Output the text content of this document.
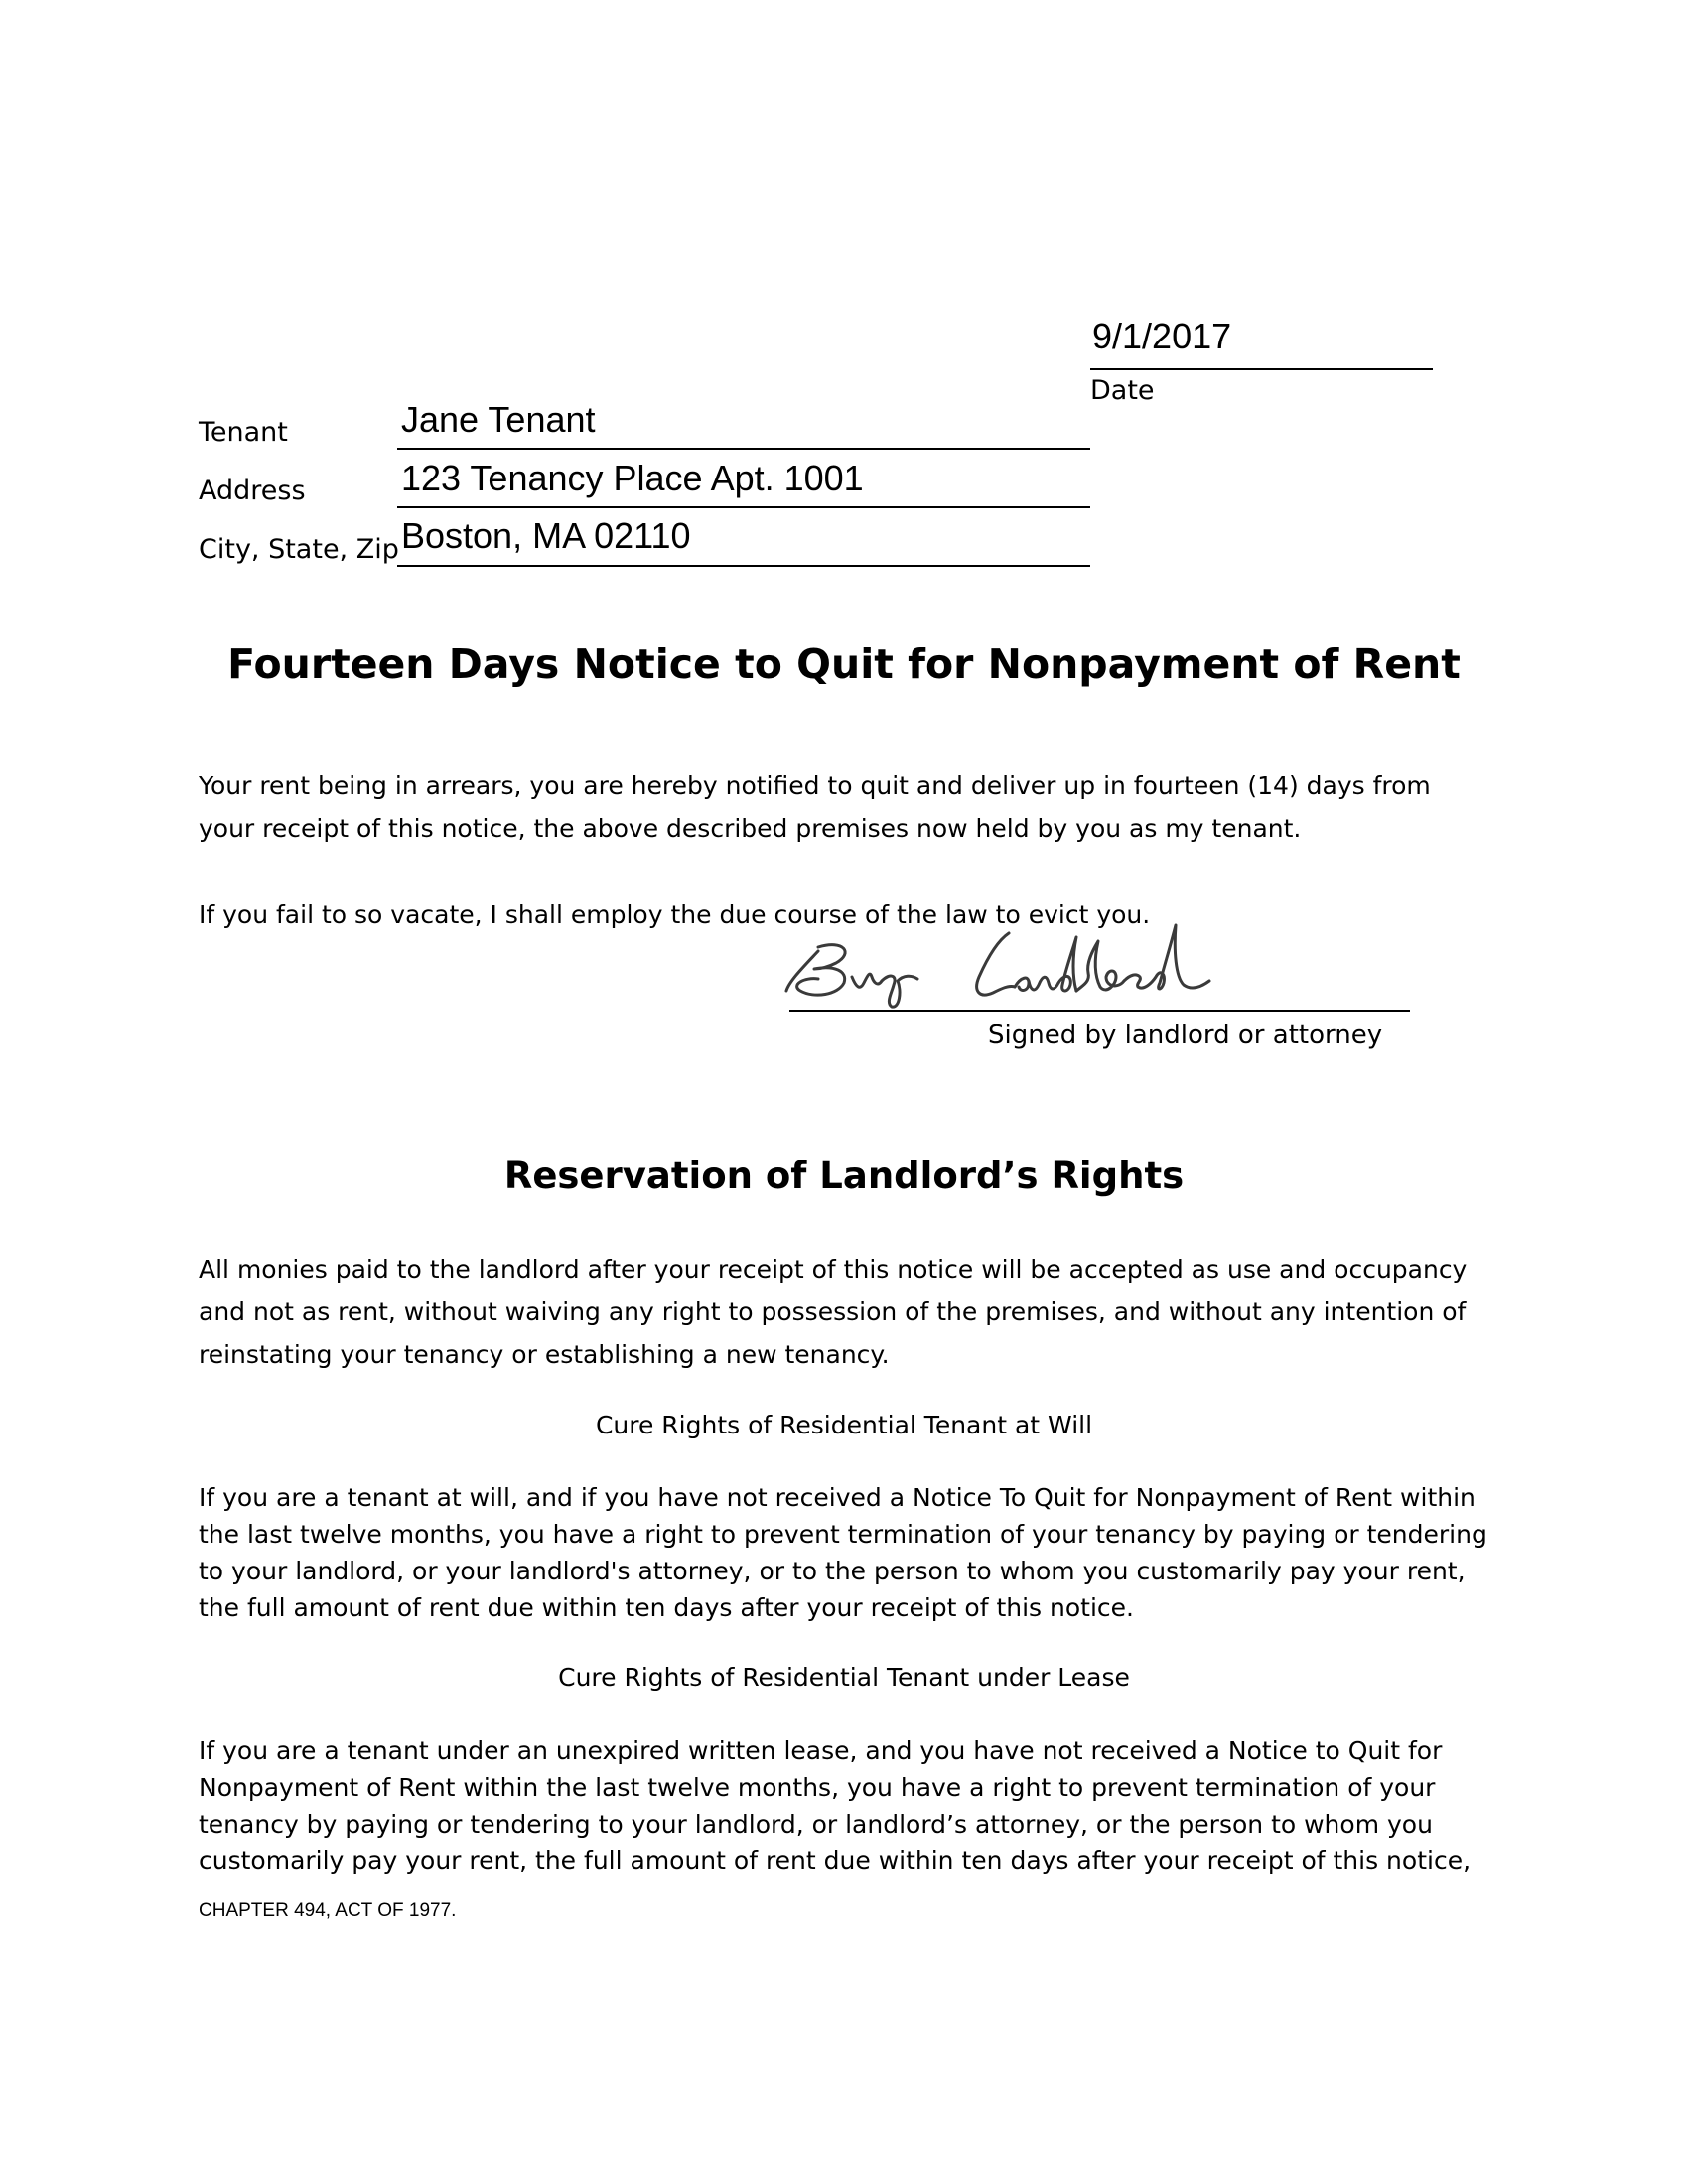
9/1/2017
Date
Tenant	Jane Tenant
Address	123 Tenancy Place Apt. 1001
City, State, Zip Boston, MA 02110
Fourteen Days Notice to Quit for Nonpayment of Rent
Your rent being in arrears, you are hereby notified to quit and deliver up in fourteen (14) days from your receipt of this notice, the above described premises now held by you as my tenant.
If you fail to so vacate, I shall employ the due course of the law to evict you.
Signed by landlord or attorney
Reservation of Landlord’s Rights
All monies paid to the landlord after your receipt of this notice will be accepted as use and occupancy and not as rent, without waiving any right to possession of the premises, and without any intention of reinstating your tenancy or establishing a new tenancy.
Cure Rights of Residential Tenant at Will
If you are a tenant at will, and if you have not received a Notice To Quit for Nonpayment of Rent within the last twelve months, you have a right to prevent termination of your tenancy by paying or tendering to your landlord, or your landlord's attorney, or to the person to whom you customarily pay your rent, the full amount of rent due within ten days after your receipt of this notice.
Cure Rights of Residential Tenant under Lease
If you are a tenant under an unexpired written lease, and you have not received a Notice to Quit for Nonpayment of Rent within the last twelve months, you have a right to prevent termination of your tenancy by paying or tendering to your landlord, or landlord’s attorney, or the person to whom you customarily pay your rent, the full amount of rent due within ten days after your receipt of this notice,
CHAPTER 494, ACT OF 1977.
